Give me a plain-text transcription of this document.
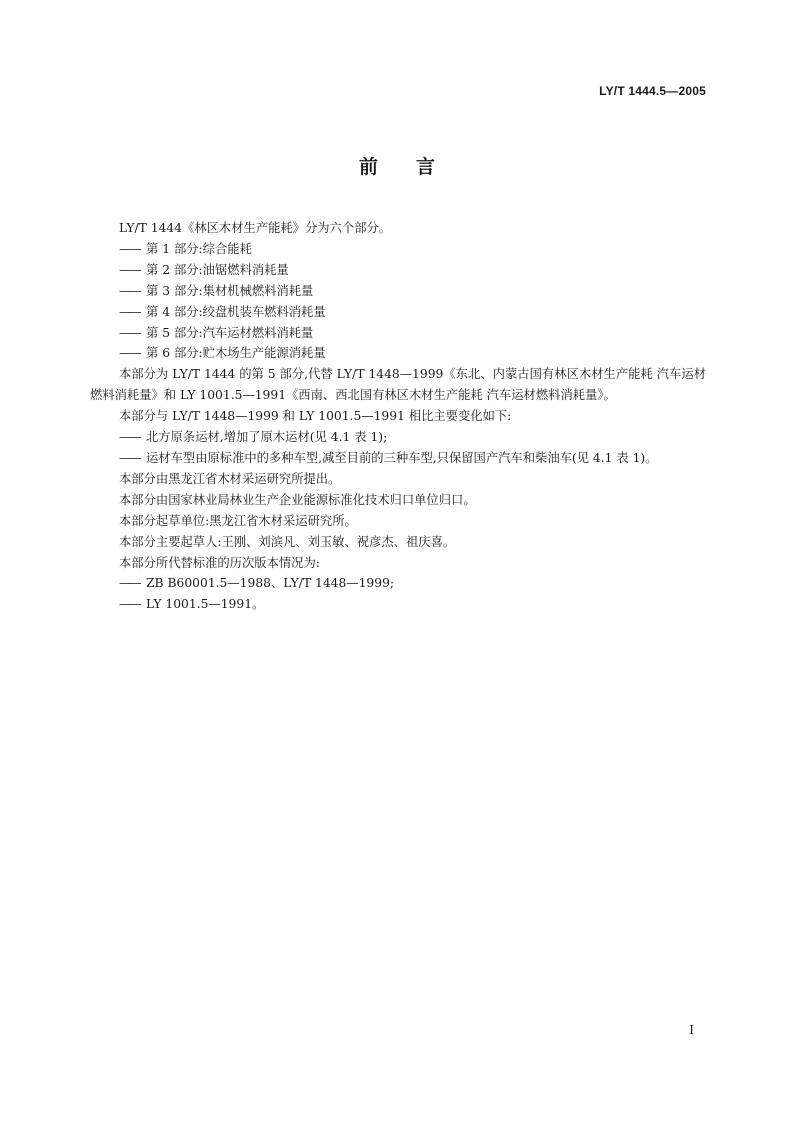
LY/T 1444.5—2005
前言

LY/T 1444《林区木材生产能耗》分为六个部分。

—— 第 1 部分:综合能耗

—— 第 2 部分:油锯燃料消耗量

—— 第 3 部分:集材机械燃料消耗量

—— 第 4 部分:绞盘机装车燃料消耗量

—— 第 5 部分:汽车运材燃料消耗量

—— 第 6 部分:贮木场生产能源消耗量

本部分为 LY/T 1444 的第 5 部分,代替 LY/T 1448—1999《东北、内蒙古国有林区木材生产能耗 汽车运材燃料消耗量》和 LY 1001.5—1991《西南、西北国有林区木材生产能耗 汽车运材燃料消耗量》。

本部分与 LY/T 1448—1999 和 LY 1001.5—1991 相比主要变化如下:

—— 北方原条运材,增加了原木运材(见 4.1 表 1);

—— 运材车型由原标准中的多种车型,减至目前的三种车型,只保留国产汽车和柴油车(见 4.1 表 1)。

本部分由黑龙江省木材采运研究所提出。

本部分由国家林业局林业生产企业能源标准化技术归口单位归口。

本部分起草单位:黑龙江省木材采运研究所。

本部分主要起草人:王刚、刘滨凡、刘玉敏、祝彦杰、祖庆喜。

本部分所代替标准的历次版本情况为:

—— ZB B60001.5—1988、LY/T 1448—1999;

—— LY 1001.5—1991。

I
